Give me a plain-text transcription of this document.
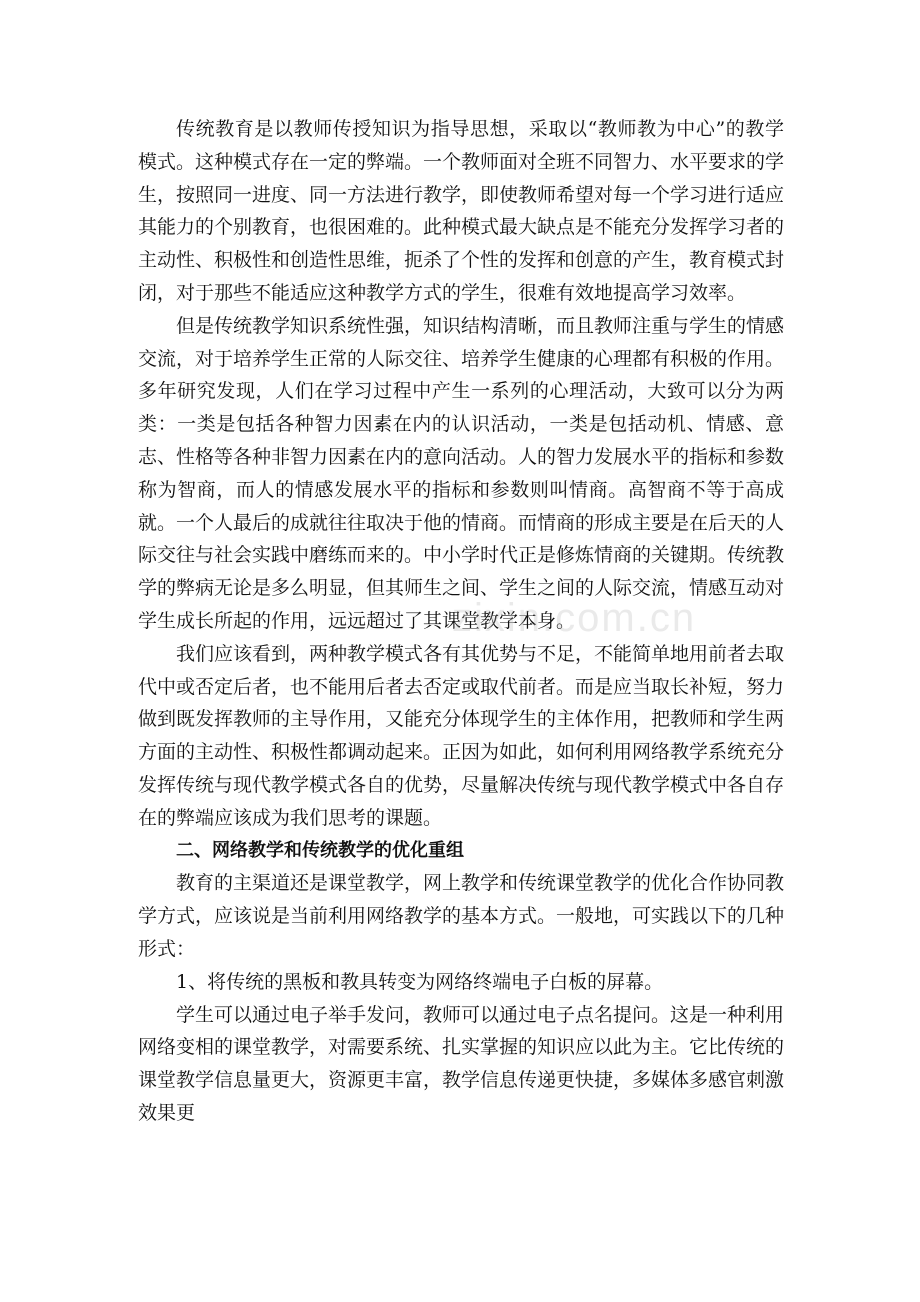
传统教育是以教师传授知识为指导思想，采取以“教师教为中心”的教学模式。这种模式存在一定的弊端。一个教师面对全班不同智力、水平要求的学生，按照同一进度、同一方法进行教学，即使教师希望对每一个学习进行适应其能力的个别教育，也很困难的。此种模式最大缺点是不能充分发挥学习者的主动性、积极性和创造性思维，扼杀了个性的发挥和创意的产生，教育模式封闭，对于那些不能适应这种教学方式的学生，很难有效地提高学习效率。

但是传统教学知识系统性强，知识结构清晰，而且教师注重与学生的情感交流，对于培养学生正常的人际交往、培养学生健康的心理都有积极的作用。多年研究发现，人们在学习过程中产生一系列的心理活动，大致可以分为两类：一类是包括各种智力因素在内的认识活动，一类是包括动机、情感、意志、性格等各种非智力因素在内的意向活动。人的智力发展水平的指标和参数称为智商，而人的情感发展水平的指标和参数则叫情商。高智商不等于高成就。一个人最后的成就往往取决于他的情商。而情商的形成主要是在后天的人际交往与社会实践中磨练而来的。中小学时代正是修炼情商的关键期。传统教学的弊病无论是多么明显，但其师生之间、学生之间的人际交流，情感互动对学生成长所起的作用，远远超过了其课堂教学本身。

我们应该看到，两种教学模式各有其优势与不足，不能简单地用前者去取代中或否定后者，也不能用后者去否定或取代前者。而是应当取长补短，努力做到既发挥教师的主导作用，又能充分体现学生的主体作用，把教师和学生两方面的主动性、积极性都调动起来。正因为如此，如何利用网络教学系统充分发挥传统与现代教学模式各自的优势，尽量解决传统与现代教学模式中各自存在的弊端应该成为我们思考的课题。

二、网络教学和传统教学的优化重组

教育的主渠道还是课堂教学，网上教学和传统课堂教学的优化合作协同教学方式，应该说是当前利用网络教学的基本方式。一般地，可实践以下的几种形式：

1、将传统的黑板和教具转变为网络终端电子白板的屏幕。

学生可以通过电子举手发问，教师可以通过电子点名提问。这是一种利用网络变相的课堂教学，对需要系统、扎实掌握的知识应以此为主。它比传统的课堂教学信息量更大，资源更丰富，教学信息传递更快捷，多媒体多感官刺激效果更

zixin.com.cn
